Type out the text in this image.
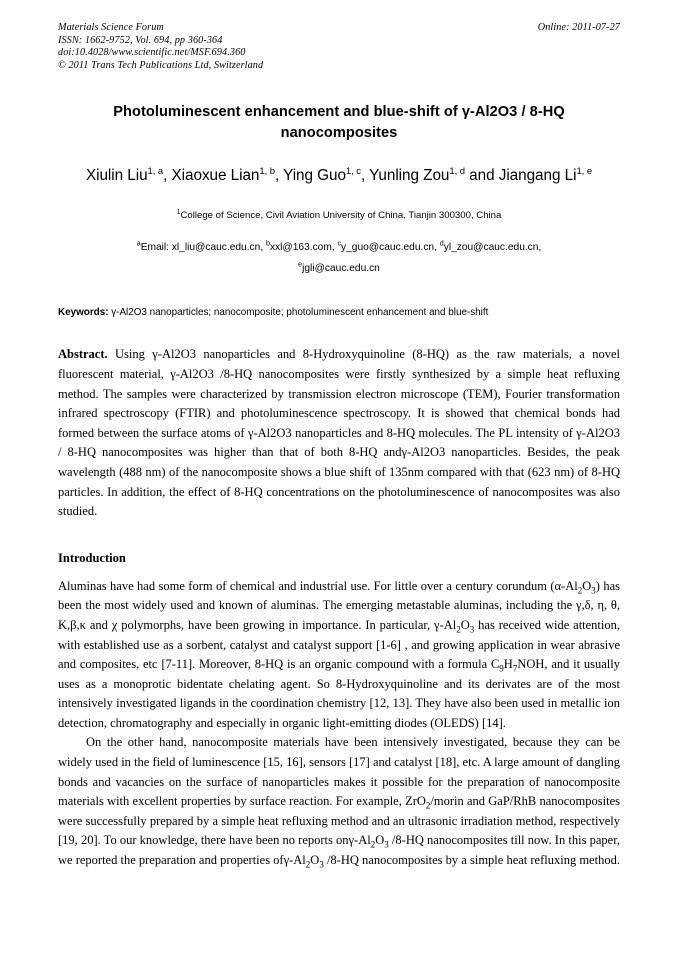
Materials Science Forum
ISSN: 1662-9752, Vol. 694, pp 360-364
doi:10.4028/www.scientific.net/MSF.694.360
© 2011 Trans Tech Publications Ltd, Switzerland
Online: 2011-07-27
Photoluminescent enhancement and blue-shift of γ-Al2O3 / 8-HQ nanocomposites
Xiulin Liu$^{1, a}$, Xiaoxue Lian$^{1, b}$, Ying Guo$^{1, c}$, Yunling Zou$^{1, d}$ and Jiangang Li$^{1, e}$
$^1$College of Science, Civil Aviation University of China, Tianjin 300300, China
$^a$Email: xl_liu@cauc.edu.cn, $^b$xxl@163.com, $^c$y_guo@cauc.edu.cn, $^d$yl_zou@cauc.edu.cn,
$^e$jgli@cauc.edu.cn
Keywords: γ-Al2O3 nanoparticles; nanocomposite; photoluminescent enhancement and blue-shift
Abstract. Using γ-Al2O3 nanoparticles and 8-Hydroxyquinoline (8-HQ) as the raw materials, a novel fluorescent material, γ-Al2O3 /8-HQ nanocomposites were firstly synthesized by a simple heat refluxing method. The samples were characterized by transmission electron microscope (TEM), Fourier transformation infrared spectroscopy (FTIR) and photoluminescence spectroscopy. It is showed that chemical bonds had formed between the surface atoms of γ-Al2O3 nanoparticles and 8-HQ molecules. The PL intensity of γ-Al2O3 / 8-HQ nanocomposites was higher than that of both 8-HQ andγ-Al2O3 nanoparticles. Besides, the peak wavelength (488 nm) of the nanocomposite shows a blue shift of 135nm compared with that (623 nm) of 8-HQ particles. In addition, the effect of 8-HQ concentrations on the photoluminescence of nanocomposites was also studied.
Introduction
Aluminas have had some form of chemical and industrial use. For little over a century corundum $(\alpha-Al_2O_3)$ has been the most widely used and known of aluminas. The emerging metastable aluminas, including the γ,δ, η, θ, K,β,κ and χ polymorphs, have been growing in importance. In particular, $\gamma-Al_2O_3$ has received wide attention, with established use as a sorbent, catalyst and catalyst support [1-6] , and growing application in wear abrasive and composites, etc [7-11]. Moreover, 8-HQ is an organic compound with a formula $C_9H_7NOH$, and it usually uses as a monoprotic bidentate chelating agent. So 8-Hydroxyquinoline and its derivates are of the most intensively investigated ligands in the coordination chemistry [12, 13]. They have also been used in metallic ion detection, chromatography and especially in organic light-emitting diodes (OLEDS) [14].
On the other hand, nanocomposite materials have been intensively investigated, because they can be widely used in the field of luminescence [15, 16], sensors [17] and catalyst [18], etc. A large amount of dangling bonds and vacancies on the surface of nanoparticles makes it possible for the preparation of nanocomposite materials with excellent properties by surface reaction. For example, ZrO$_2$/morin and GaP/RhB nanocomposites were successfully prepared by a simple heat refluxing method and an ultrasonic irradiation method, respectively [19, 20]. To our knowledge, there have been no reports onγ-$Al_2O_3$ /8-HQ nanocomposites till now. In this paper, we reported the preparation and properties ofγ-$Al_2O_3$ /8-HQ nanocomposites by a simple heat refluxing method.
